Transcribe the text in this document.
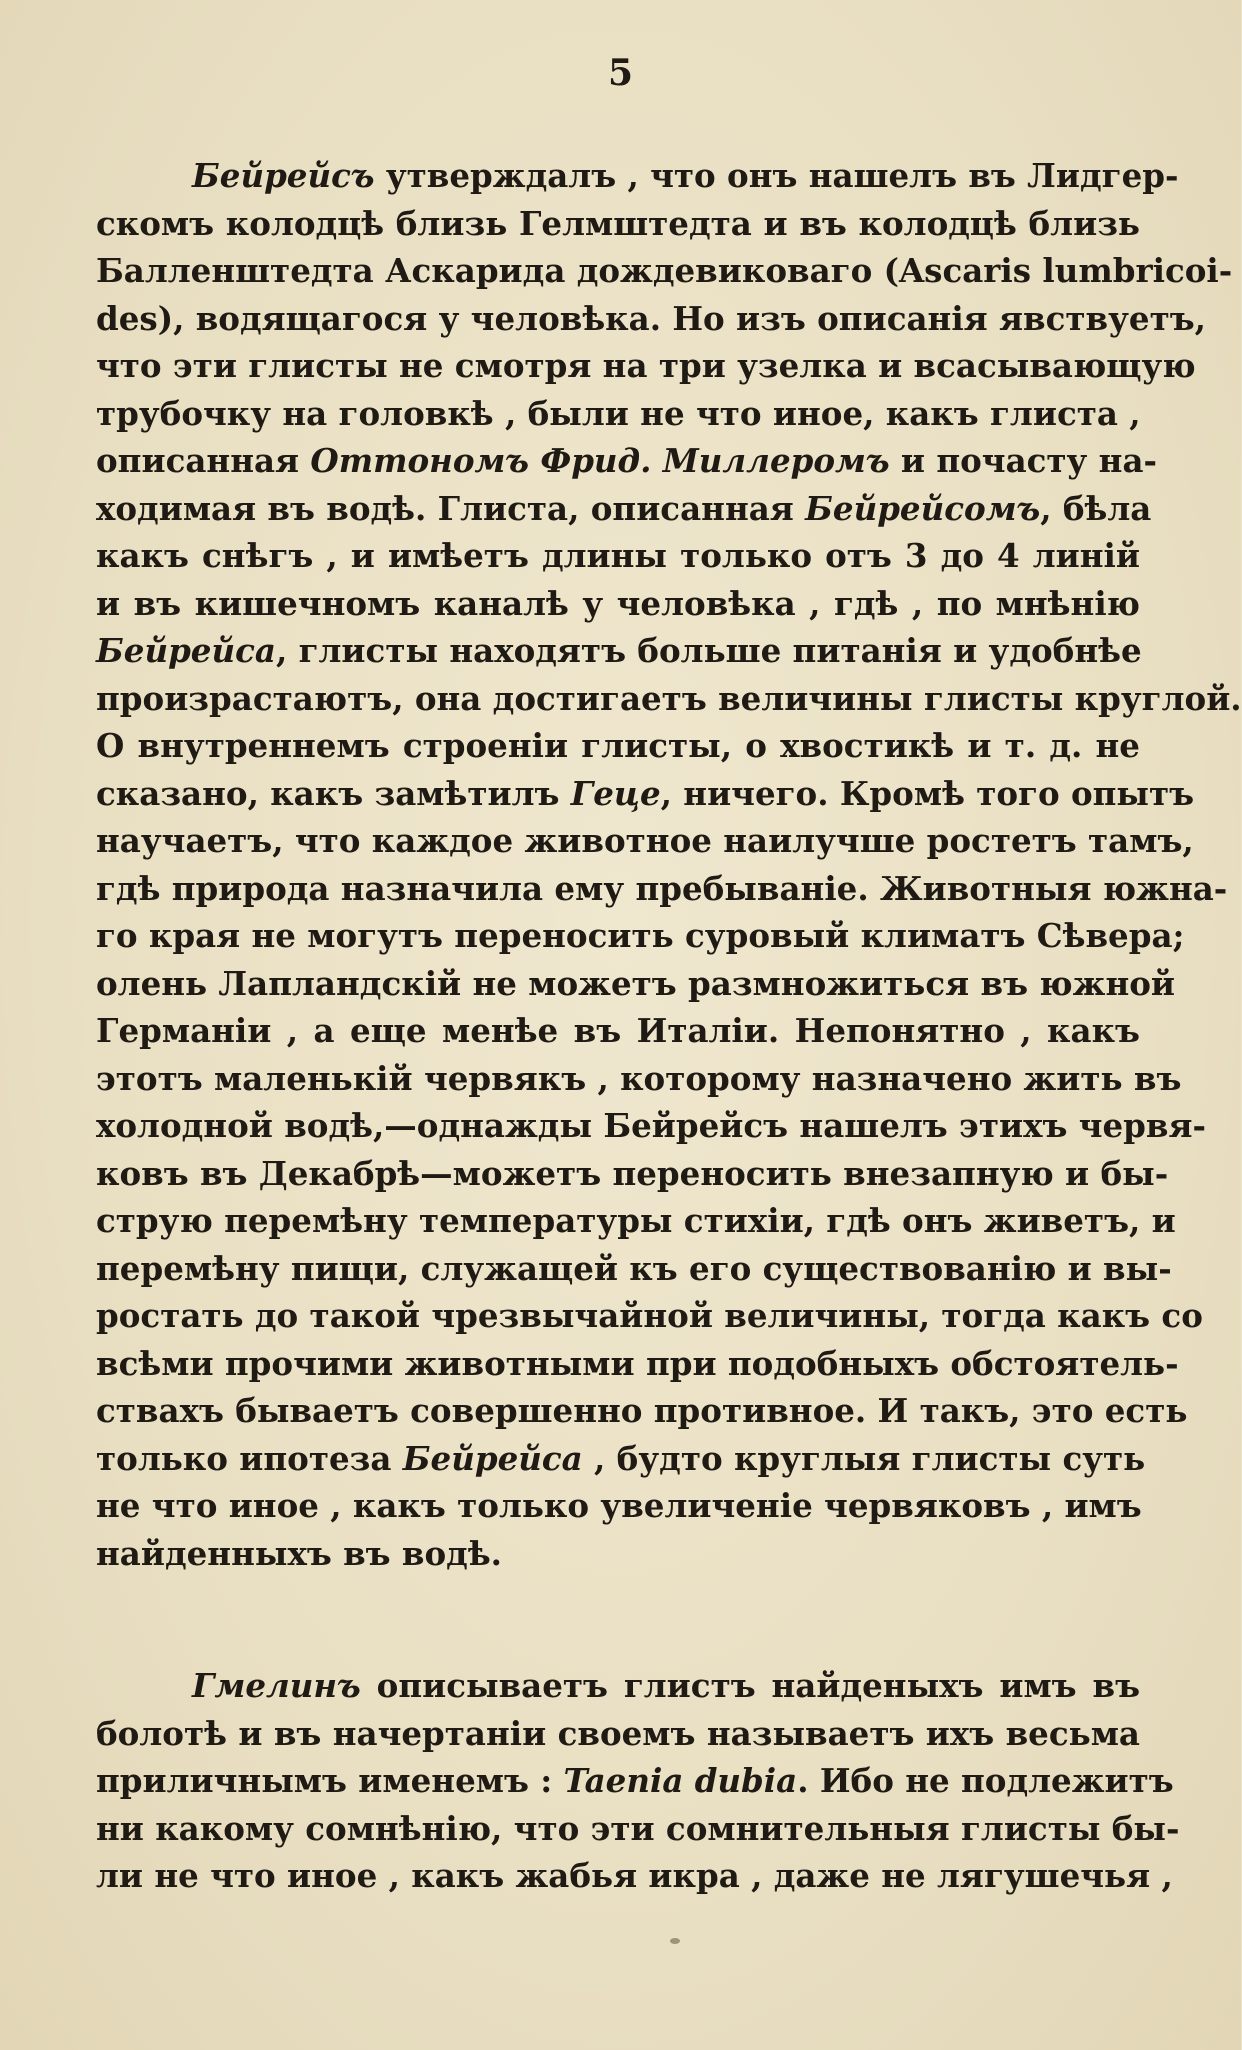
5
Бейрейсъ утверждалъ , что онъ нашелъ въ Лидгер-
скомъ колодцѣ близь Гелмштедта и въ колодцѣ близь
Балленштедта Аскарида дождевиковаго (Ascaris lumbricoi-
des), водящагося у человѣка. Но изъ описанія явствуетъ,
что эти глисты не смотря на три узелка и всасывающую
трубочку на головкѣ , были не что иное, какъ глиста ,
описанная Оттономъ Фрид. Миллеромъ и почасту на-
ходимая въ водѣ. Глиста, описанная Бейрейсомъ, бѣла
какъ снѣгъ , и имѣетъ длины только отъ 3 до 4 линій
и въ кишечномъ каналѣ у человѣка , гдѣ , по мнѣнію
Бейрейса, глисты находятъ больше питанія и удобнѣе
произрастаютъ, она достигаетъ величины глисты круглой.
О внутреннемъ строеніи глисты, о хвостикѣ и т. д. не
сказано, какъ замѣтилъ Геце, ничего. Кромѣ того опытъ
научаетъ, что каждое животное наилучше ростетъ тамъ,
гдѣ природа назначила ему пребываніе. Животныя южна-
го края не могутъ переносить суровый климатъ Сѣвера;
олень Лапландскій не можетъ размножиться въ южной
Германіи , а еще менѣе въ Италіи. Непонятно , какъ
этотъ маленькій червякъ , которому назначено жить въ
холодной водѣ,—однажды Бейрейсъ нашелъ этихъ червя-
ковъ въ Декабрѣ—можетъ переносить внезапную и бы-
струю перемѣну температуры стихіи, гдѣ онъ живетъ, и
перемѣну пищи, служащей къ его существованію и вы-
ростать до такой чрезвычайной величины, тогда какъ со
всѣми прочими животными при подобныхъ обстоятель-
ствахъ бываетъ совершенно противное. И такъ, это есть
только ипотеза Бейрейса , будто круглыя глисты суть
не что иное , какъ только увеличеніе червяковъ , имъ
найденныхъ въ водѣ.
Гмелинъ описываетъ глистъ найденыхъ имъ въ
болотѣ и въ начертаніи своемъ называетъ ихъ весьма
приличнымъ именемъ : Taenia dubia. Ибо не подлежитъ
ни какому сомнѣнію, что эти сомнительныя глисты бы-
ли не что иное , какъ жабья икра , даже не лягушечья ,
